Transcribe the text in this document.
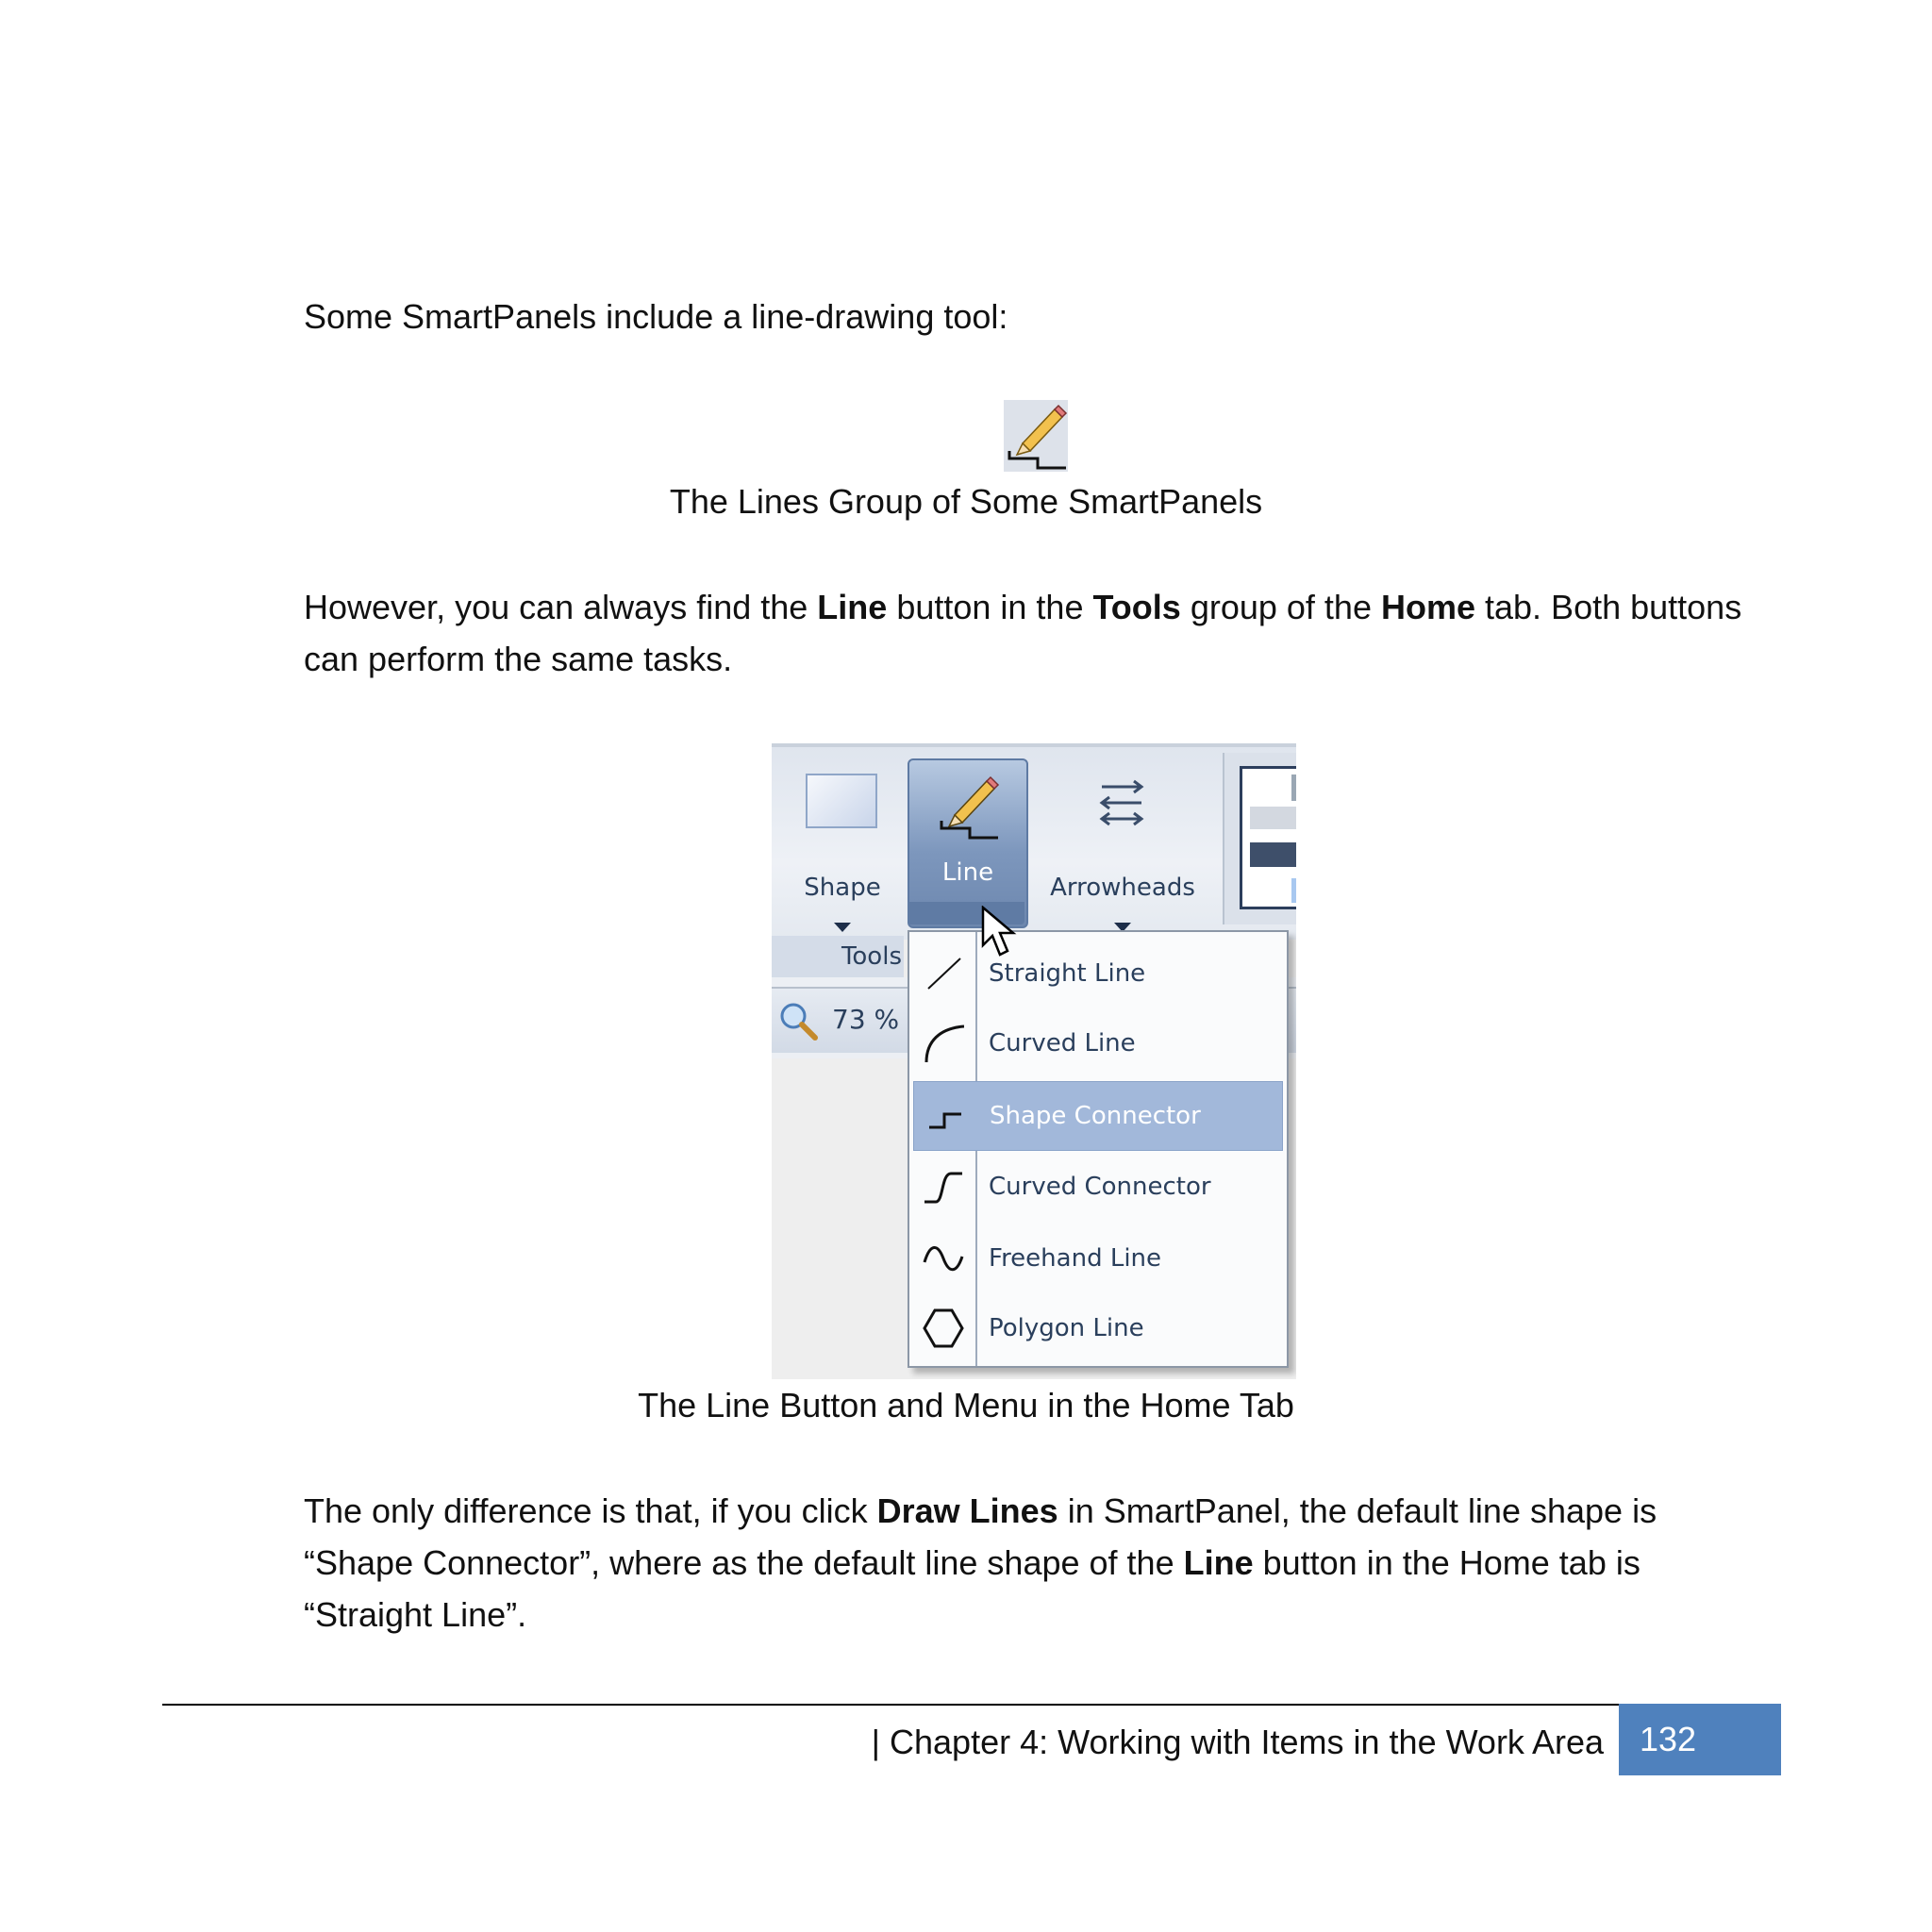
Some SmartPanels include a line-drawing tool:

The Lines Group of Some SmartPanels

However, you can always find the Line button in the Tools group of the Home tab. Both buttons can perform the same tasks.

Shape
Line
Arrowheads
Tools
73 %
Straight Line
Curved Line
Shape Connector
Curved Connector
Freehand Line
Polygon Line

The Line Button and Menu in the Home Tab

The only difference is that, if you click Draw Lines in SmartPanel, the default line shape is “Shape Connector”, where as the default line shape of the Line button in the Home tab is “Straight Line”.

| Chapter 4: Working with Items in the Work Area 132
